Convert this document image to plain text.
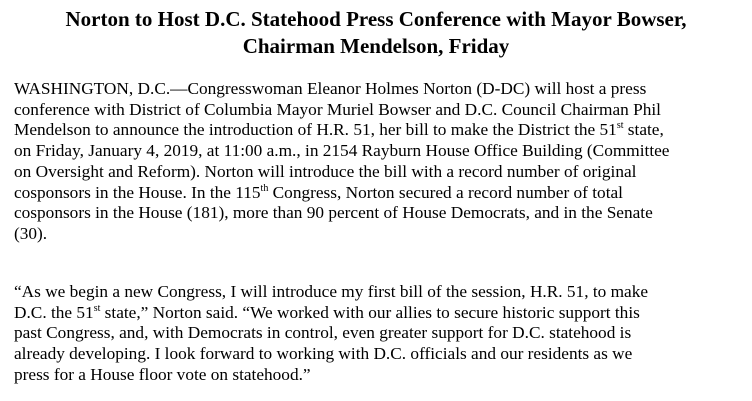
Norton to Host D.C. Statehood Press Conference with Mayor Bowser,
Chairman Mendelson, Friday

WASHINGTON, D.C.—Congresswoman Eleanor Holmes Norton (D-DC) will host a press
conference with District of Columbia Mayor Muriel Bowser and D.C. Council Chairman Phil
Mendelson to announce the introduction of H.R. 51, her bill to make the District the 51st state,
on Friday, January 4, 2019, at 11:00 a.m., in 2154 Rayburn House Office Building (Committee
on Oversight and Reform). Norton will introduce the bill with a record number of original
cosponsors in the House. In the 115th Congress, Norton secured a record number of total
cosponsors in the House (181), more than 90 percent of House Democrats, and in the Senate
(30).

“As we begin a new Congress, I will introduce my first bill of the session, H.R. 51, to make
D.C. the 51st state,” Norton said. “We worked with our allies to secure historic support this
past Congress, and, with Democrats in control, even greater support for D.C. statehood is
already developing. I look forward to working with D.C. officials and our residents as we
press for a House floor vote on statehood.”
